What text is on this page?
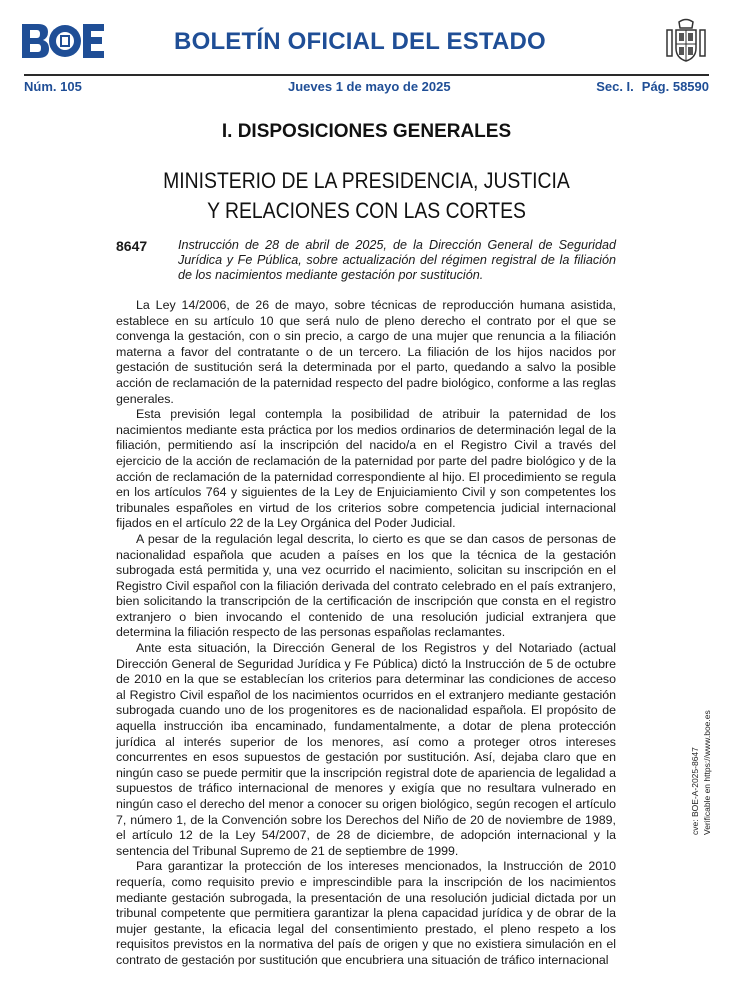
BOLETÍN OFICIAL DEL ESTADO
Núm. 105	Jueves 1 de mayo de 2025	Sec. I. Pág. 58590
I. DISPOSICIONES GENERALES
MINISTERIO DE LA PRESIDENCIA, JUSTICIA
Y RELACIONES CON LAS CORTES
8647 Instrucción de 28 de abril de 2025, de la Dirección General de Seguridad Jurídica y Fe Pública, sobre actualización del régimen registral de la filiación de los nacimientos mediante gestación por sustitución.

La Ley 14/2006, de 26 de mayo, sobre técnicas de reproducción humana asistida, establece en su artículo 10 que será nulo de pleno derecho el contrato por el que se convenga la gestación, con o sin precio, a cargo de una mujer que renuncia a la filiación materna a favor del contratante o de un tercero. La filiación de los hijos nacidos por gestación de sustitución será la determinada por el parto, quedando a salvo la posible acción de reclamación de la paternidad respecto del padre biológico, conforme a las reglas generales.

Esta previsión legal contempla la posibilidad de atribuir la paternidad de los nacimientos mediante esta práctica por los medios ordinarios de determinación legal de la filiación, permitiendo así la inscripción del nacido/a en el Registro Civil a través del ejercicio de la acción de reclamación de la paternidad por parte del padre biológico y de la acción de reclamación de la paternidad correspondiente al hijo. El procedimiento se regula en los artículos 764 y siguientes de la Ley de Enjuiciamiento Civil y son competentes los tribunales españoles en virtud de los criterios sobre competencia judicial internacional fijados en el artículo 22 de la Ley Orgánica del Poder Judicial.

A pesar de la regulación legal descrita, lo cierto es que se dan casos de personas de nacionalidad española que acuden a países en los que la técnica de la gestación subrogada está permitida y, una vez ocurrido el nacimiento, solicitan su inscripción en el Registro Civil español con la filiación derivada del contrato celebrado en el país extranjero, bien solicitando la transcripción de la certificación de inscripción que consta en el registro extranjero o bien invocando el contenido de una resolución judicial extranjera que determina la filiación respecto de las personas españolas reclamantes.

Ante esta situación, la Dirección General de los Registros y del Notariado (actual Dirección General de Seguridad Jurídica y Fe Pública) dictó la Instrucción de 5 de octubre de 2010 en la que se establecían los criterios para determinar las condiciones de acceso al Registro Civil español de los nacimientos ocurridos en el extranjero mediante gestación subrogada cuando uno de los progenitores es de nacionalidad española. El propósito de aquella instrucción iba encaminado, fundamentalmente, a dotar de plena protección jurídica al interés superior de los menores, así como a proteger otros intereses concurrentes en esos supuestos de gestación por sustitución. Así, dejaba claro que en ningún caso se puede permitir que la inscripción registral dote de apariencia de legalidad a supuestos de tráfico internacional de menores y exigía que no resultara vulnerado en ningún caso el derecho del menor a conocer su origen biológico, según recogen el artículo 7, número 1, de la Convención sobre los Derechos del Niño de 20 de noviembre de 1989, el artículo 12 de la Ley 54/2007, de 28 de diciembre, de adopción internacional y la sentencia del Tribunal Supremo de 21 de septiembre de 1999.

Para garantizar la protección de los intereses mencionados, la Instrucción de 2010 requería, como requisito previo e imprescindible para la inscripción de los nacimientos mediante gestación subrogada, la presentación de una resolución judicial dictada por un tribunal competente que permitiera garantizar la plena capacidad jurídica y de obrar de la mujer gestante, la eficacia legal del consentimiento prestado, el pleno respeto a los requisitos previstos en la normativa del país de origen y que no existiera simulación en el contrato de gestación por sustitución que encubriera una situación de tráfico internacional

cve: BOE-A-2025-8647 Verificable en https://www.boe.es
